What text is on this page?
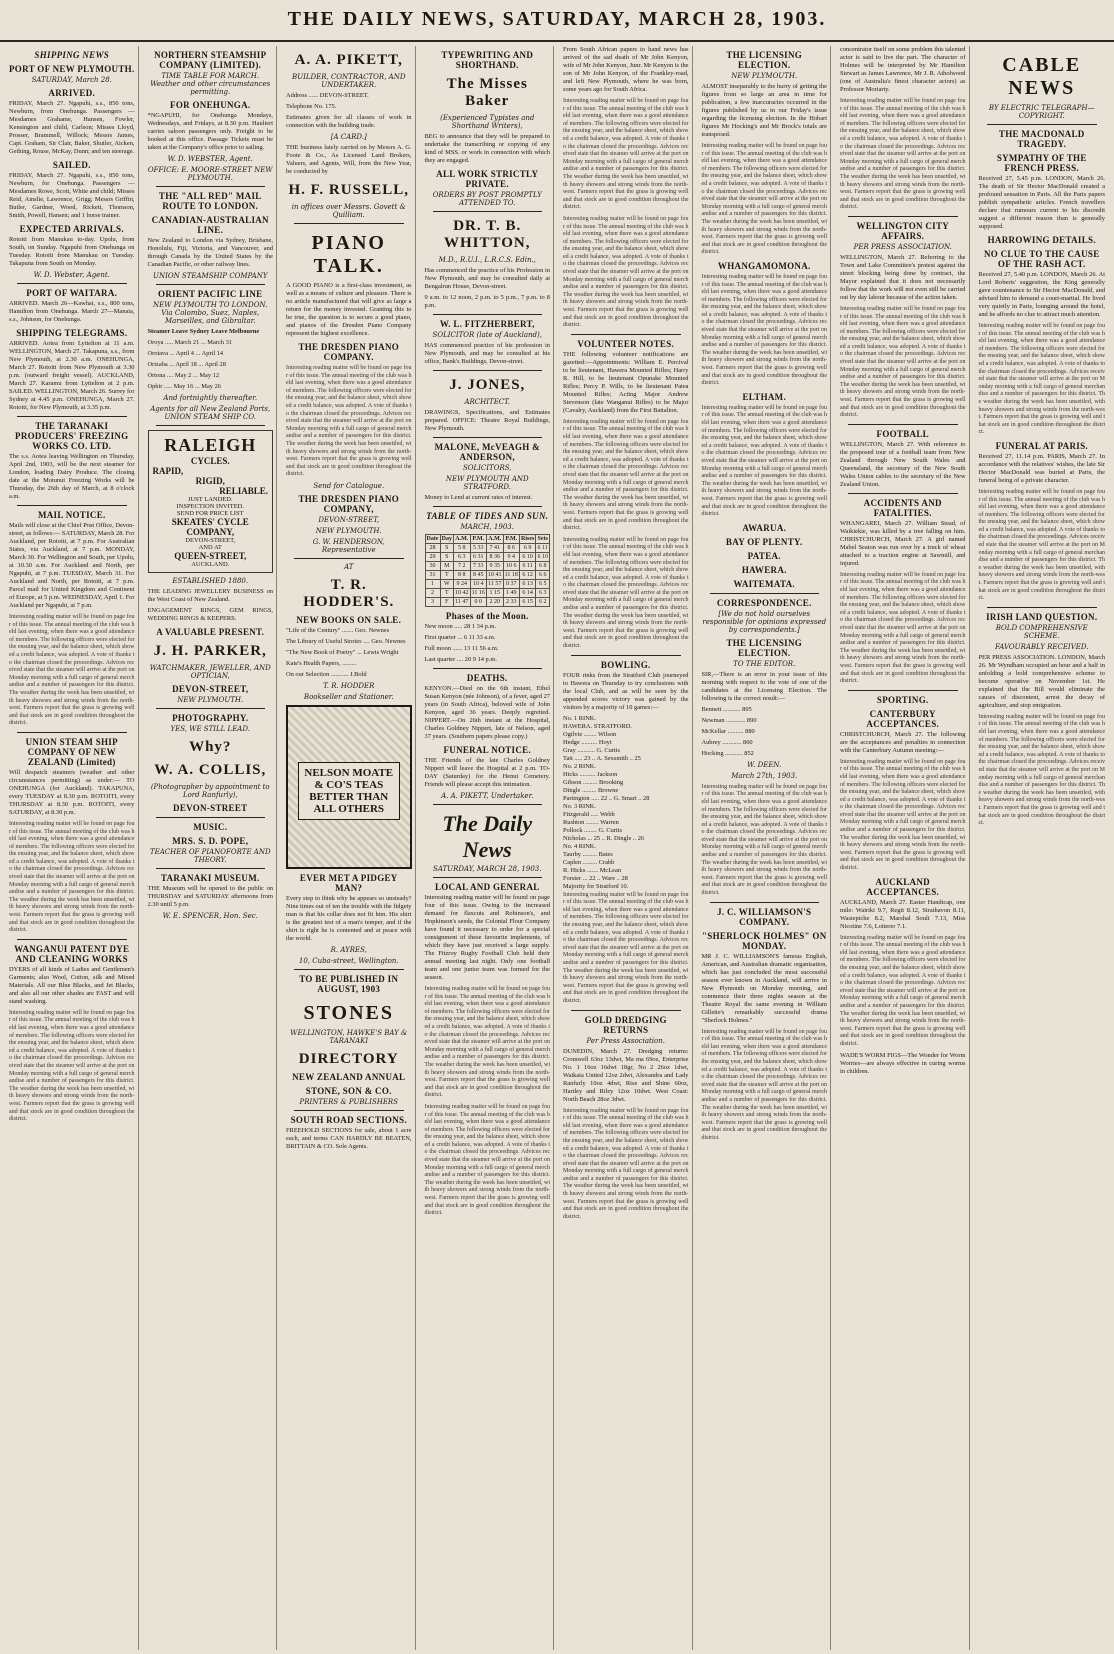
THE DAILY NEWS, SATURDAY, MARCH 28, 1903.
SHIPPING NEWS
PORT OF NEW PLYMOUTH.
SATURDAY, March 28.
ARRIVED.
FRIDAY, March 27. Ngapuhi, s.s., 850 tons, Newburn, from Onehunga. Passengers — Mesdames Grahame, Hansen, Fowler, Kensington and child, Carlson; Misses Lloyd, Prosser, Brammell, Willock; Messrs James, Capt. Graham, Sir Clair, Baker, Shutler, Aicken, Gething, Rouse, McKay, Dunn; and ten steerage.
SAILED.
FRIDAY, March 27. Ngapuhi, s.s., 850 tons, Newburn, for Onehunga. Passengers — Mesdames Rowe, Scott, White and child; Misses Reid, Ainslie, Lawrence, Grigg; Messrs Griffin, Butler, Gardner, Wood, Rickett, Thomson, Smith, Powell, Hansen; and 1 horse trainer.
EXPECTED ARRIVALS.
Rotoiti from Manukau to-day. Upolu, from South, on Sunday. Ngapuhi from Onehunga on Tuesday. Rotoiti from Manukau on Tuesday. Takapuna from South on Monday.
W. D. Webster, Agent.
PORT OF WAITARA.
ARRIVED. March 26—Kawhai, s.s., 800 tons, Hamilton from Onehunga. March 27—Manaia, s.s., Johnson, for Onehunga.
SHIPPING TELEGRAMS.
ARRIVED. Aotea from Lyttelton at 11 a.m. WELLINGTON, March 27. Takapuna, s.s., from New Plymouth, at 2.30 a.m. ONEHUNGA, March 27. Rotoiti from New Plymouth at 3.30 p.m. (outward freight vessel). AUCKLAND, March 27. Karamu from Lyttelton at 2 p.m. SAILED. WELLINGTON, March 26. Surrey for Sydney at 4.45 p.m. ONEHUNGA, March 27. Rotoiti, for New Plymouth, at 3.35 p.m.
THE TARANAKI PRODUCERS' FREEZING WORKS CO. LTD.
The s.s. Aotea leaving Wellington on Thursday, April 2nd, 1903, will be the next steamer for London, loading Dairy Produce. The closing date at the Motunui Freezing Works will be Thursday, the 26th day of March, at 8 o'clock a.m.
MAIL NOTICE.
Mails will close at the Chief Post Office, Devon-street, as follows:— SATURDAY, March 28. For Auckland, per Rotoiti, at 7 p.m. For Australian States, via Auckland, at 7 p.m. MONDAY, March 30. For Wellington and South, per Upolu, at 10.30 a.m. For Auckland and North, per Ngapuhi, at 7 p.m. TUESDAY, March 31. For Auckland and North, per Rotoiti, at 7 p.m. Parcel mail for United Kingdom and Continent of Europe, at 5 p.m. WEDNESDAY, April 1. For Auckland per Ngapuhi, at 7 p.m.
Interesting reading matter will be found on page four of this issue. The annual meeting of the club was held last evening, when there was a good attendance of members. The following officers were elected for the ensuing year, and the balance sheet, which showed a credit balance, was adopted. A vote of thanks to the chairman closed the proceedings. Advices received state that the steamer will arrive at the port on Monday morning with a full cargo of general merchandise and a number of passengers for this district. The weather during the week has been unsettled, with heavy showers and strong winds from the north-west. Farmers report that the grass is growing well and that stock are in good condition throughout the district.
UNION STEAM SHIP COMPANY OF NEW ZEALAND (Limited)
Will despatch steamers (weather and other circumstances permitting) as under:— TO ONEHUNGA (for Auckland). TAKAPUNA, every TUESDAY at 8.30 p.m. ROTOITI, every THURSDAY at 8.30 p.m. ROTOITI, every SATURDAY, at 8.30 p.m.
Interesting reading matter will be found on page four of this issue. The annual meeting of the club was held last evening, when there was a good attendance of members. The following officers were elected for the ensuing year, and the balance sheet, which showed a credit balance, was adopted. A vote of thanks to the chairman closed the proceedings. Advices received state that the steamer will arrive at the port on Monday morning with a full cargo of general merchandise and a number of passengers for this district. The weather during the week has been unsettled, with heavy showers and strong winds from the north-west. Farmers report that the grass is growing well and that stock are in good condition throughout the district.
WANGANUI PATENT DYE AND CLEANING WORKS
DYERS of all kinds of Ladies and Gentlemen's Garments; also Wool, Cotton, silk and Mixed Materials. All our Blue Blacks, and Jet Blacks, and also all our other shades are FAST and will stand washing.
Interesting reading matter will be found on page four of this issue. The annual meeting of the club was held last evening, when there was a good attendance of members. The following officers were elected for the ensuing year, and the balance sheet, which showed a credit balance, was adopted. A vote of thanks to the chairman closed the proceedings. Advices received state that the steamer will arrive at the port on Monday morning with a full cargo of general merchandise and a number of passengers for this district. The weather during the week has been unsettled, with heavy showers and strong winds from the north-west. Farmers report that the grass is growing well and that stock are in good condition throughout the district.
NORTHERN STEAMSHIP COMPANY (LIMITED).
TIME TABLE FOR MARCH. Weather and other circumstances permitting.
FOR ONEHUNGA.
*NGAPUHI, for Onehunga Mondays, Wednesdays, and Fridays, at 8.30 p.m. Hauliert carries saloon passengers only. Freight to be booked at this office. Passage Tickets must be taken at the Company's office prior to sailing.
W. D. WEBSTER, Agent.
OFFICE: E. MOORE-STREET NEW PLYMOUTH.
THE "ALL RED" MAIL ROUTE TO LONDON.
CANADIAN-AUSTRALIAN LINE.
New Zealand to London via Sydney, Brisbane, Honolulu, Fiji, Victoria, and Vancouver, and through Canada by the United States by the Canadian Pacific, or other railway lines.
UNION STEAMSHIP COMPANY
ORIENT PACIFIC LINE
NEW PLYMOUTH TO LONDON. Via Colombo, Suez, Naples, Marseilles, and Gibraltar.
Steamer Leave Sydney Leave Melbourne
Oroya ..... March 21 ... March 31
Orotava ... April 4 ... April 14
Orizaba ... April 18 ... April 28
Ortona .... May 2 ... May 12
Ophir ..... May 16 ... May 26
And fortnightly thereafter.
Agents for all New Zealand Ports, UNION STEAM SHIP CO.
RALEIGH
CYCLES.
RAPID,
RIGID,
RELIABLE.
JUST LANDED.
INSPECTION INVITED.
SEND FOR PRICE LIST
SKEATES' CYCLE COMPANY,
DEVON-STREET,
AND AT
QUEEN-STREET,
AUCKLAND.
ESTABLISHED 1880.
THE LEADING JEWELLERY BUSINESS on the West Coast of New Zealand.
ENGAGEMENT RINGS, GEM RINGS, WEDDING RINGS & KEEPERS.
A VALUABLE PRESENT.
J. H. PARKER,
WATCHMAKER, JEWELLER, AND OPTICIAN,
DEVON-STREET,
NEW PLYMOUTH.
PHOTOGRAPHY.
YES, WE STILL LEAD.
Why?
W. A. COLLIS,
(Photographer by appointment to Lord Ranfurly),
DEVON-STREET
MUSIC.
MRS. S. D. POPE,
TEACHER OF PIANOFORTE AND THEORY.
TARANAKI MUSEUM.
THE Museum will be opened to the public on THURSDAY and SATURDAY afternoons from 2.30 until 5 p.m.
W. E. SPENCER, Hon. Sec.
A. A. PIKETT,
BUILDER, CONTRACTOR, AND UNDERTAKER.
Address ...... DEVON-STREET.
Telephone No. 175.
Estimates given for all classes of work in connection with the building trade.
[A CARD.]
THE business lately carried on by Messrs A. G. Foote & Co., As Licensed Land Brokers, Valuers, and Agents, Will, from the New Year, be conducted by
H. F. RUSSELL,
in offices over Messrs. Govett & Quilliam.
PIANO TALK.
A GOOD PIANO is a first-class investment, as well as a means of culture and pleasure. There is no article manufactured that will give as large a return for the money invested. Granting this to be true, the question is to secure a good piano, and pianos of the Dresden Piano Company represent the highest excellence.
THE DRESDEN PIANO COMPANY.
Interesting reading matter will be found on page four of this issue. The annual meeting of the club was held last evening, when there was a good attendance of members. The following officers were elected for the ensuing year, and the balance sheet, which showed a credit balance, was adopted. A vote of thanks to the chairman closed the proceedings. Advices received state that the steamer will arrive at the port on Monday morning with a full cargo of general merchandise and a number of passengers for this district. The weather during the week has been unsettled, with heavy showers and strong winds from the north-west. Farmers report that the grass is growing well and that stock are in good condition throughout the district.
Send for Catalogue.
THE DRESDEN PIANO COMPANY,
DEVON-STREET,
NEW PLYMOUTH.
G. W. HENDERSON, Representative
AT
T. R. HODDER'S.
NEW BOOKS ON SALE.
"Life of the Century" ....... Geo. Newnes
The Library of Useful Stories .... Geo. Newnes
"The New Book of Poetry" ... Lewis Wright
Kate's Health Papers, .........
On our Selection ........... J.Bold
T. R. HODDER
Bookseller and Stationer.
NELSON MOATE & CO'S TEAS BETTER THAN ALL OTHERS
EVER MET A PIDGEY MAN?
Every step to think why he appears so unsteady? Nine times out of ten the trouble with the fidgety man is that his collar does not fit him. His shirt is the greatest test of a man's temper, and if the shirt is right he is contented and at peace with the world.
R. AYRES,
10, Cuba-street, Wellington.
TO BE PUBLISHED IN AUGUST, 1903
STONES
WELLINGTON, HAWKE'S BAY & TARANAKI
DIRECTORY
NEW ZEALAND ANNUAL
STONE, SON & CO.
PRINTERS & PUBLISHERS
SOUTH ROAD SECTIONS.
FREEHOLD SECTIONS for sale, about 1 acre each, and terms CAN HARDLY BE BEATEN, BRITTAIN & CO. Sole Agents.
TYPEWRITING AND SHORTHAND.
The Misses Baker
(Experienced Typistes and Shorthand Writers),
BEG to announce that they will be prepared to undertake the transcribing or copying of any kind of MSS. or work in connection with which they are engaged.
ALL WORK STRICTLY PRIVATE.
ORDERS BY POST PROMPTLY ATTENDED TO.
DR. T. B. WHITTON,
M.D., R.U.I., L.R.C.S. Edin.,
Has commenced the practice of his Profession in New Plymouth, and may be consulted daily at Bengalrun House, Devon-street.
9 a.m. to 12 noon, 2 p.m. to 5 p.m., 7 p.m. to 8 p.m.
W. L. FITZHERBERT,
SOLICITOR (late of Auckland),
HAS commenced practice of his profession in New Plymouth, and may be consulted at his office, Bank's Buildings, Devon-street.
J. JONES,
ARCHITECT.
DRAWINGS, Specifications, and Estimates prepared. OFFICE: Theatre Royal Buildings, New Plymouth.
MALONE, McVEAGH & ANDERSON,
SOLICITORS,
NEW PLYMOUTH AND STRATFORD.
Money to Lend at current rates of interest.
TABLE OF TIDES AND SUN.
MARCH, 1903.
Date	Day	A.M.	P.M.	A.M.	P.M.	Rises	Sets
28	S	5 8	5 33	7 41	8 6	6 9	6 11
29	S	6 3	6 31	8 36	9 4	6 10	6 10
30	M	7 2	7 33	9 35	10 6	6 11	6 8
31	T	8 8	8 45	10 41	11 18	6 12	6 6
1	W	9 24	10 4	11 57	0 37	6 13	6 5
2	T	10 42	11 16	1 15	1 49	6 14	6 3
3	F	11 47	0 0	2 20	2 33	6 15	6 2
Phases of the Moon.
New moon ..... 28 1 34 p.m.
First quarter ... 6 11 33 a.m.
Full moon ...... 13 11 56 a.m.
Last quarter .... 20 9 14 p.m.
DEATHS.
KENYON.—Died on the 6th instant, Ethel Susan Kenyon (née Johnson), of a fever, aged 27 years (in South Africa), beloved wife of John Kenyon, aged 36 years. Deeply regretted. NIPPERT.—On 26th instant at the Hospital, Charles Goldney Nippert, late of Nelson, aged 37 years. (Southern papers please copy.)
FUNERAL NOTICE.
THE Friends of the late Charles Goldney Nippert will leave the Hospital at 2 p.m. TO-DAY (Saturday) for the Henui Cemetery. Friends will please accept this intimation.
A. A. PIKETT, Undertaker.
The Daily News
SATURDAY, MARCH 28, 1903.
LOCAL AND GENERAL
Interesting reading matter will be found on page four of this issue. Owing to the increased demand for flaxcuts and Robinson's, and Hopkinson's seeds, the Colonial Flour Company have found it necessary to order for a special consignment of these favourite implements, of which they have just received a large supply. The Fitzroy Rugby Football Club held their annual meeting last night. Only one football team and one junior team was formed for the season.
Interesting reading matter will be found on page four of this issue. The annual meeting of the club was held last evening, when there was a good attendance of members. The following officers were elected for the ensuing year, and the balance sheet, which showed a credit balance, was adopted. A vote of thanks to the chairman closed the proceedings. Advices received state that the steamer will arrive at the port on Monday morning with a full cargo of general merchandise and a number of passengers for this district. The weather during the week has been unsettled, with heavy showers and strong winds from the north-west. Farmers report that the grass is growing well and that stock are in good condition throughout the district.
Interesting reading matter will be found on page four of this issue. The annual meeting of the club was held last evening, when there was a good attendance of members. The following officers were elected for the ensuing year, and the balance sheet, which showed a credit balance, was adopted. A vote of thanks to the chairman closed the proceedings. Advices received state that the steamer will arrive at the port on Monday morning with a full cargo of general merchandise and a number of passengers for this district. The weather during the week has been unsettled, with heavy showers and strong winds from the north-west. Farmers report that the grass is growing well and that stock are in good condition throughout the district.
From South African papers to hand news has arrived of the sad death of Mr John Kenyon, wife of Mr John Kenyon, Junr. Mr Kenyon is the son of Mr John Kenyon, of the Frankley-road, and left New Plymouth, where he was born, some years ago for South Africa.
Interesting reading matter will be found on page four of this issue. The annual meeting of the club was held last evening, when there was a good attendance of members. The following officers were elected for the ensuing year, and the balance sheet, which showed a credit balance, was adopted. A vote of thanks to the chairman closed the proceedings. Advices received state that the steamer will arrive at the port on Monday morning with a full cargo of general merchandise and a number of passengers for this district. The weather during the week has been unsettled, with heavy showers and strong winds from the north-west. Farmers report that the grass is growing well and that stock are in good condition throughout the district.
Interesting reading matter will be found on page four of this issue. The annual meeting of the club was held last evening, when there was a good attendance of members. The following officers were elected for the ensuing year, and the balance sheet, which showed a credit balance, was adopted. A vote of thanks to the chairman closed the proceedings. Advices received state that the steamer will arrive at the port on Monday morning with a full cargo of general merchandise and a number of passengers for this district. The weather during the week has been unsettled, with heavy showers and strong winds from the north-west. Farmers report that the grass is growing well and that stock are in good condition throughout the district.
VOLUNTEER NOTES.
THE following volunteer notifications are gazetted:—Appointments: William E. Percival to be lieutenant, Hawera Mounted Rifles; Harry R. Hill, to be lieutenant Opunake Mounted Rifles; Percy P. Wills, to be lieutenant Patea Mounted Rifles; Acting Major Andrew Stevenson (late Wanganui Rifles) to be Major (Cavalry, Auckland) from the First Battalion.
Interesting reading matter will be found on page four of this issue. The annual meeting of the club was held last evening, when there was a good attendance of members. The following officers were elected for the ensuing year, and the balance sheet, which showed a credit balance, was adopted. A vote of thanks to the chairman closed the proceedings. Advices received state that the steamer will arrive at the port on Monday morning with a full cargo of general merchandise and a number of passengers for this district. The weather during the week has been unsettled, with heavy showers and strong winds from the north-west. Farmers report that the grass is growing well and that stock are in good condition throughout the district.
Interesting reading matter will be found on page four of this issue. The annual meeting of the club was held last evening, when there was a good attendance of members. The following officers were elected for the ensuing year, and the balance sheet, which showed a credit balance, was adopted. A vote of thanks to the chairman closed the proceedings. Advices received state that the steamer will arrive at the port on Monday morning with a full cargo of general merchandise and a number of passengers for this district. The weather during the week has been unsettled, with heavy showers and strong winds from the north-west. Farmers report that the grass is growing well and that stock are in good condition throughout the district.
BOWLING.
FOUR rinks from the Stratford Club journeyed to Hawera on Thursday to try conclusions with the local Club, and as will be seen by the appended scores victory was gained by the visitors by a majority of 10 games:—
No. 1 RINK.
HAWERA. STRATFORD.
Ogilvie ........ Wilson
Hedge .......... Hoyt
Gray ........... G. Curtis
Tait ..... 23 .. A. Sexsmith .. 25
No. 2 RINK.
Hicks .......... Jackson
Gibson ......... Brooking
Dingle ......... Browne
Partington ..... 22 .. G. Smart .. 28
No. 3 RINK.
Fitzgerald ..... Webb
Rushton ........ Warren
Pollock ........ G. Curtis
Nicholas ... 25 .. R. Dingle .. 26
No. 4 RINK.
Taurby ......... Bates
Caplen ......... Crabb
R. Hicks ....... McLean
Forster ... 22 .. Ware .. 28
Majority for Stratford 10.
Interesting reading matter will be found on page four of this issue. The annual meeting of the club was held last evening, when there was a good attendance of members. The following officers were elected for the ensuing year, and the balance sheet, which showed a credit balance, was adopted. A vote of thanks to the chairman closed the proceedings. Advices received state that the steamer will arrive at the port on Monday morning with a full cargo of general merchandise and a number of passengers for this district. The weather during the week has been unsettled, with heavy showers and strong winds from the north-west. Farmers report that the grass is growing well and that stock are in good condition throughout the district.
GOLD DREDGING RETURNS
Per Press Association.
DUNEDIN, March 27. Dredging returns: Cromwell 63oz 13dwt, Ma ma 69oz, Enterprise No. 1 16oz 16dwt 18gr, No 2 26oz 1dwt, Waikaia United 12oz 2dwt, Alexandra and Lady Ranfurly 10oz 4dwt, Rise and Shine 60oz, Hartley and Riley 12oz 10dwt. West Coast: North Beach 28oz 3dwt.
Interesting reading matter will be found on page four of this issue. The annual meeting of the club was held last evening, when there was a good attendance of members. The following officers were elected for the ensuing year, and the balance sheet, which showed a credit balance, was adopted. A vote of thanks to the chairman closed the proceedings. Advices received state that the steamer will arrive at the port on Monday morning with a full cargo of general merchandise and a number of passengers for this district. The weather during the week has been unsettled, with heavy showers and strong winds from the north-west. Farmers report that the grass is growing well and that stock are in good condition throughout the district.
THE LICENSING ELECTION.
NEW PLYMOUTH.
ALMOST inseparably to the hurry of getting the figures from so large an area in time for publication, a few inaccuracies occurred in the figures published by us in our Friday's issue regarding the licensing election. In the Hobart figures Mr Hocking's and Mr Brock's totals are transposed.
Interesting reading matter will be found on page four of this issue. The annual meeting of the club was held last evening, when there was a good attendance of members. The following officers were elected for the ensuing year, and the balance sheet, which showed a credit balance, was adopted. A vote of thanks to the chairman closed the proceedings. Advices received state that the steamer will arrive at the port on Monday morning with a full cargo of general merchandise and a number of passengers for this district. The weather during the week has been unsettled, with heavy showers and strong winds from the north-west. Farmers report that the grass is growing well and that stock are in good condition throughout the district.
WHANGAMOMONA.
Interesting reading matter will be found on page four of this issue. The annual meeting of the club was held last evening, when there was a good attendance of members. The following officers were elected for the ensuing year, and the balance sheet, which showed a credit balance, was adopted. A vote of thanks to the chairman closed the proceedings. Advices received state that the steamer will arrive at the port on Monday morning with a full cargo of general merchandise and a number of passengers for this district. The weather during the week has been unsettled, with heavy showers and strong winds from the north-west. Farmers report that the grass is growing well and that stock are in good condition throughout the district.
ELTHAM.
Interesting reading matter will be found on page four of this issue. The annual meeting of the club was held last evening, when there was a good attendance of members. The following officers were elected for the ensuing year, and the balance sheet, which showed a credit balance, was adopted. A vote of thanks to the chairman closed the proceedings. Advices received state that the steamer will arrive at the port on Monday morning with a full cargo of general merchandise and a number of passengers for this district. The weather during the week has been unsettled, with heavy showers and strong winds from the north-west. Farmers report that the grass is growing well and that stock are in good condition throughout the district.
AWARUA.
BAY OF PLENTY.
PATEA.
HAWERA.
WAITEMATA.
CORRESPONDENCE.
[We do not hold ourselves responsible for opinions expressed by correspondents.]
THE LICENSING ELECTION.
TO THE EDITOR.
SIR,—There is an error in your issue of this morning with respect to the vote of one of the candidates at the Licensing Election. The following is the correct result:—
Bennett ........... 895
Newman ............ 890
McKellar .......... 880
Aubrey ............ 860
Hocking ........... 852
W. DEEN.
March 27th, 1903.
Interesting reading matter will be found on page four of this issue. The annual meeting of the club was held last evening, when there was a good attendance of members. The following officers were elected for the ensuing year, and the balance sheet, which showed a credit balance, was adopted. A vote of thanks to the chairman closed the proceedings. Advices received state that the steamer will arrive at the port on Monday morning with a full cargo of general merchandise and a number of passengers for this district. The weather during the week has been unsettled, with heavy showers and strong winds from the north-west. Farmers report that the grass is growing well and that stock are in good condition throughout the district.
J. C. WILLIAMSON'S COMPANY.
"SHERLOCK HOLMES" ON MONDAY.
MR J. C. WILLIAMSON'S famous English, American, and Australian dramatic organisation, which has just concluded the most successful season ever known in Auckland, will arrive in New Plymouth on Monday morning, and commence their three nights season at the Theatre Royal the same evening in William Gillette's remarkably successful drama "Sherlock Holmes."
Interesting reading matter will be found on page four of this issue. The annual meeting of the club was held last evening, when there was a good attendance of members. The following officers were elected for the ensuing year, and the balance sheet, which showed a credit balance, was adopted. A vote of thanks to the chairman closed the proceedings. Advices received state that the steamer will arrive at the port on Monday morning with a full cargo of general merchandise and a number of passengers for this district. The weather during the week has been unsettled, with heavy showers and strong winds from the north-west. Farmers report that the grass is growing well and that stock are in good condition throughout the district.
concentrator itself on some problem this talented actor is said to live the part. The character of Holmes will be interpreted by Mr Hamilton Stewart as James Lawrence, Mr J. R. Atholwood (one of Australia's finest character actors) as Professor Moriarty.
Interesting reading matter will be found on page four of this issue. The annual meeting of the club was held last evening, when there was a good attendance of members. The following officers were elected for the ensuing year, and the balance sheet, which showed a credit balance, was adopted. A vote of thanks to the chairman closed the proceedings. Advices received state that the steamer will arrive at the port on Monday morning with a full cargo of general merchandise and a number of passengers for this district. The weather during the week has been unsettled, with heavy showers and strong winds from the north-west. Farmers report that the grass is growing well and that stock are in good condition throughout the district.
WELLINGTON CITY AFFAIRS.
PER PRESS ASSOCIATION.
WELLINGTON, March 27. Referring to the Town and Lake Committee's protest against the street blocking being done by contract, the Mayor explained that it does not necessarily follow that the work will not even still be carried out by day labour because of the action taken.
Interesting reading matter will be found on page four of this issue. The annual meeting of the club was held last evening, when there was a good attendance of members. The following officers were elected for the ensuing year, and the balance sheet, which showed a credit balance, was adopted. A vote of thanks to the chairman closed the proceedings. Advices received state that the steamer will arrive at the port on Monday morning with a full cargo of general merchandise and a number of passengers for this district. The weather during the week has been unsettled, with heavy showers and strong winds from the north-west. Farmers report that the grass is growing well and that stock are in good condition throughout the district.
FOOTBALL
WELLINGTON, March 27. With reference to the proposed tour of a football team from New Zealand through New South Wales and Queensland, the secretary of the New South Wales Union cables to the secretary of the New Zealand Union.
ACCIDENTS AND FATALITIES.
WHANGAREI, March 27. William Stead, of Waikiekie, was killed by a tree falling on him. CHRISTCHURCH, March 27. A girl named Mabel Seaton was run over by a truck of wheat attached to a traction engine at Sawmill, and injured.
Interesting reading matter will be found on page four of this issue. The annual meeting of the club was held last evening, when there was a good attendance of members. The following officers were elected for the ensuing year, and the balance sheet, which showed a credit balance, was adopted. A vote of thanks to the chairman closed the proceedings. Advices received state that the steamer will arrive at the port on Monday morning with a full cargo of general merchandise and a number of passengers for this district. The weather during the week has been unsettled, with heavy showers and strong winds from the north-west. Farmers report that the grass is growing well and that stock are in good condition throughout the district.
SPORTING.
CANTERBURY ACCEPTANCES.
CHRISTCHURCH, March 27. The following are the acceptances and penalties in connection with the Canterbury Autumn meeting:—
Interesting reading matter will be found on page four of this issue. The annual meeting of the club was held last evening, when there was a good attendance of members. The following officers were elected for the ensuing year, and the balance sheet, which showed a credit balance, was adopted. A vote of thanks to the chairman closed the proceedings. Advices received state that the steamer will arrive at the port on Monday morning with a full cargo of general merchandise and a number of passengers for this district. The weather during the week has been unsettled, with heavy showers and strong winds from the north-west. Farmers report that the grass is growing well and that stock are in good condition throughout the district.
AUCKLAND ACCEPTANCES.
AUCKLAND, March 27. Easter Handicap, one mile: Wairiki 9.7, Regit 8.12, Strathavon 8.11, Wasiepiche 8.2, Marshal Soult 7.13, Miss Nicotine 7.6, Loiterer 7.1.
Interesting reading matter will be found on page four of this issue. The annual meeting of the club was held last evening, when there was a good attendance of members. The following officers were elected for the ensuing year, and the balance sheet, which showed a credit balance, was adopted. A vote of thanks to the chairman closed the proceedings. Advices received state that the steamer will arrive at the port on Monday morning with a full cargo of general merchandise and a number of passengers for this district. The weather during the week has been unsettled, with heavy showers and strong winds from the north-west. Farmers report that the grass is growing well and that stock are in good condition throughout the district.
WADE'S WORM FIGS—The Wonder for Worm Worries—are always effective in curing worms in children.
CABLE NEWS
BY ELECTRIC TELEGRAPH—COPYRIGHT.
THE MACDONALD TRAGEDY.
SYMPATHY OF THE FRENCH PRESS.
Received 27, 5.45 p.m. LONDON, March 26. The death of Sir Hector MacDonald created a profound sensation in Paris. All the Paris papers publish sympathetic articles. French travellers declare that rumours current to his discredit suggest a different reason than is generally supposed.
HARROWING DETAILS.
NO CLUE TO THE CAUSE OF THE RASH ACT.
Received 27, 5.40 p.m. LONDON, March 26. At Lord Roberts' suggestion, the King generally gave countenance to Sir Hector MacDonald, and advised him to demand a court-martial. He lived very quietly in Paris, lounging around the hotel, and he affords no clue to attract much attention.
Interesting reading matter will be found on page four of this issue. The annual meeting of the club was held last evening, when there was a good attendance of members. The following officers were elected for the ensuing year, and the balance sheet, which showed a credit balance, was adopted. A vote of thanks to the chairman closed the proceedings. Advices received state that the steamer will arrive at the port on Monday morning with a full cargo of general merchandise and a number of passengers for this district. The weather during the week has been unsettled, with heavy showers and strong winds from the north-west. Farmers report that the grass is growing well and that stock are in good condition throughout the district.
FUNERAL AT PARIS.
Received 27, 11.14 p.m. PARIS, March 27. In accordance with the relatives' wishes, the late Sir Hector MacDonald was buried at Paris, the funeral being of a private character.
Interesting reading matter will be found on page four of this issue. The annual meeting of the club was held last evening, when there was a good attendance of members. The following officers were elected for the ensuing year, and the balance sheet, which showed a credit balance, was adopted. A vote of thanks to the chairman closed the proceedings. Advices received state that the steamer will arrive at the port on Monday morning with a full cargo of general merchandise and a number of passengers for this district. The weather during the week has been unsettled, with heavy showers and strong winds from the north-west. Farmers report that the grass is growing well and that stock are in good condition throughout the district.
IRISH LAND QUESTION.
BOLD COMPREHENSIVE SCHEME.
FAVOURABLY RECEIVED.
PER PRESS ASSOCIATION. LONDON, March 26. Mr Wyndham occupied an hour and a half in unfolding a bold comprehensive scheme to become operative on November 1st. He explained that the Bill would eliminate the causes of discontent, arrest the decay of agriculture, and stop emigration.
Interesting reading matter will be found on page four of this issue. The annual meeting of the club was held last evening, when there was a good attendance of members. The following officers were elected for the ensuing year, and the balance sheet, which showed a credit balance, was adopted. A vote of thanks to the chairman closed the proceedings. Advices received state that the steamer will arrive at the port on Monday morning with a full cargo of general merchandise and a number of passengers for this district. The weather during the week has been unsettled, with heavy showers and strong winds from the north-west. Farmers report that the grass is growing well and that stock are in good condition throughout the district.
